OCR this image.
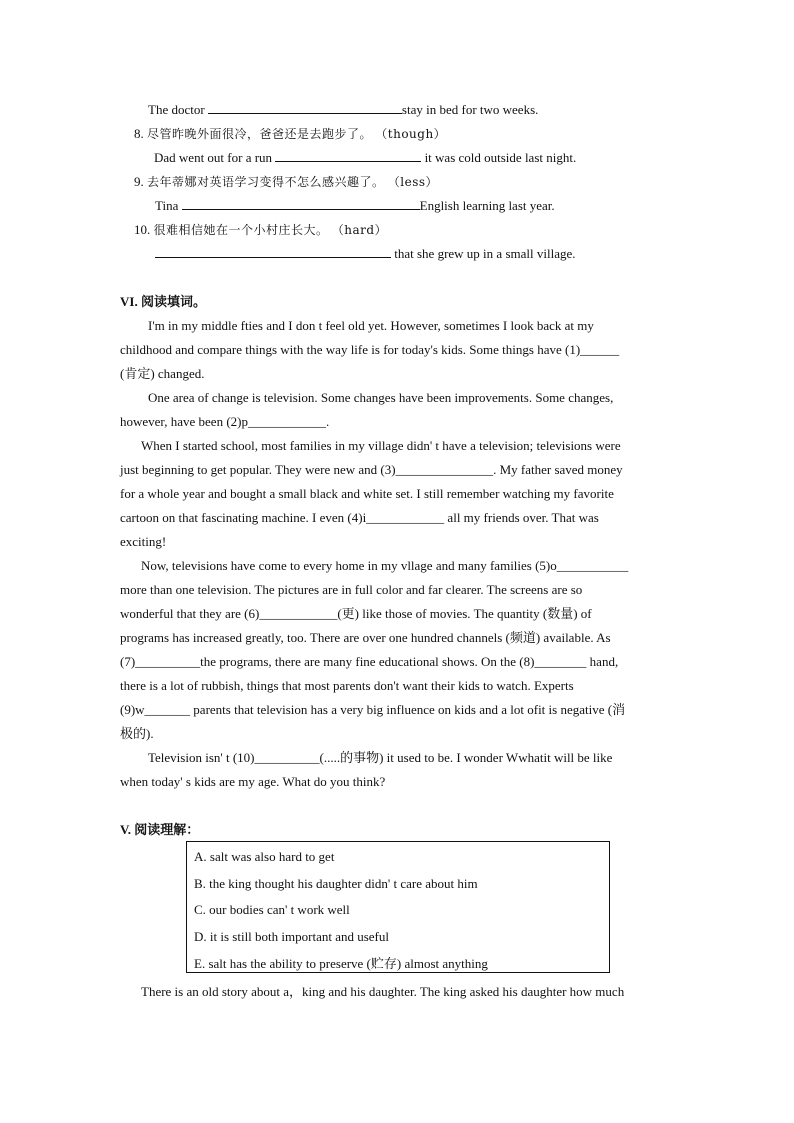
The doctor	stay in bed for two weeks.
8. 尽管昨晚外面很冷，爸爸还是去跑步了。 （though）
Dad went out for a run	it was cold outside last night.
9. 去年蒂娜对英语学习变得不怎么感兴趣了。 （less）
Tina	English learning last year.
10. 很难相信她在一个小村庄长大。 （hard）
that she grew up in a small village.
VI. 阅读填词。
I'm in my middle fties and I don t feel old yet. However, sometimes I look back at my
childhood and compare things with the way life is for today's kids. Some things have (1)______
(肯定) changed.
One area of change is television. Some changes have been improvements. Some changes,
however, have been (2)p____________.
When I started school, most families in my village didn' t have a television; televisions were
just beginning to get popular. They were new and (3)_______________. My father saved money
for a whole year and bought a small black and white set. I still remember watching my favorite
cartoon on that fascinating machine. I even (4)i____________ all my friends over. That was
exciting!
Now, televisions have come to every home in my vllage and many families (5)o___________
more than one television. The pictures are in full color and far clearer. The screens are so
wonderful that they are (6)____________(更) like those of movies. The quantity (数量) of
programs has increased greatly, too. There are over one hundred channels (频道) available. As
(7)__________the programs, there are many fine educational shows. On the (8)________ hand,
there is a lot of rubbish, things that most parents don't want their kids to watch. Experts
(9)w_______ parents that television has a very big influence on kids and a lot ofit is negative (消
极的).
Television isn' t (10)__________(.....的事物) it used to be. I wonder Wwhatit will be like
when today' s kids are my age. What do you think?
V. 阅读理解：
A. salt was also hard to get
B. the king thought his daughter didn' t care about him
C. our bodies can' t work well
D. it is still both important and useful
E. salt has the ability to preserve (贮存) almost anything
There is an old story about a，king and his daughter. The king asked his daughter how much
